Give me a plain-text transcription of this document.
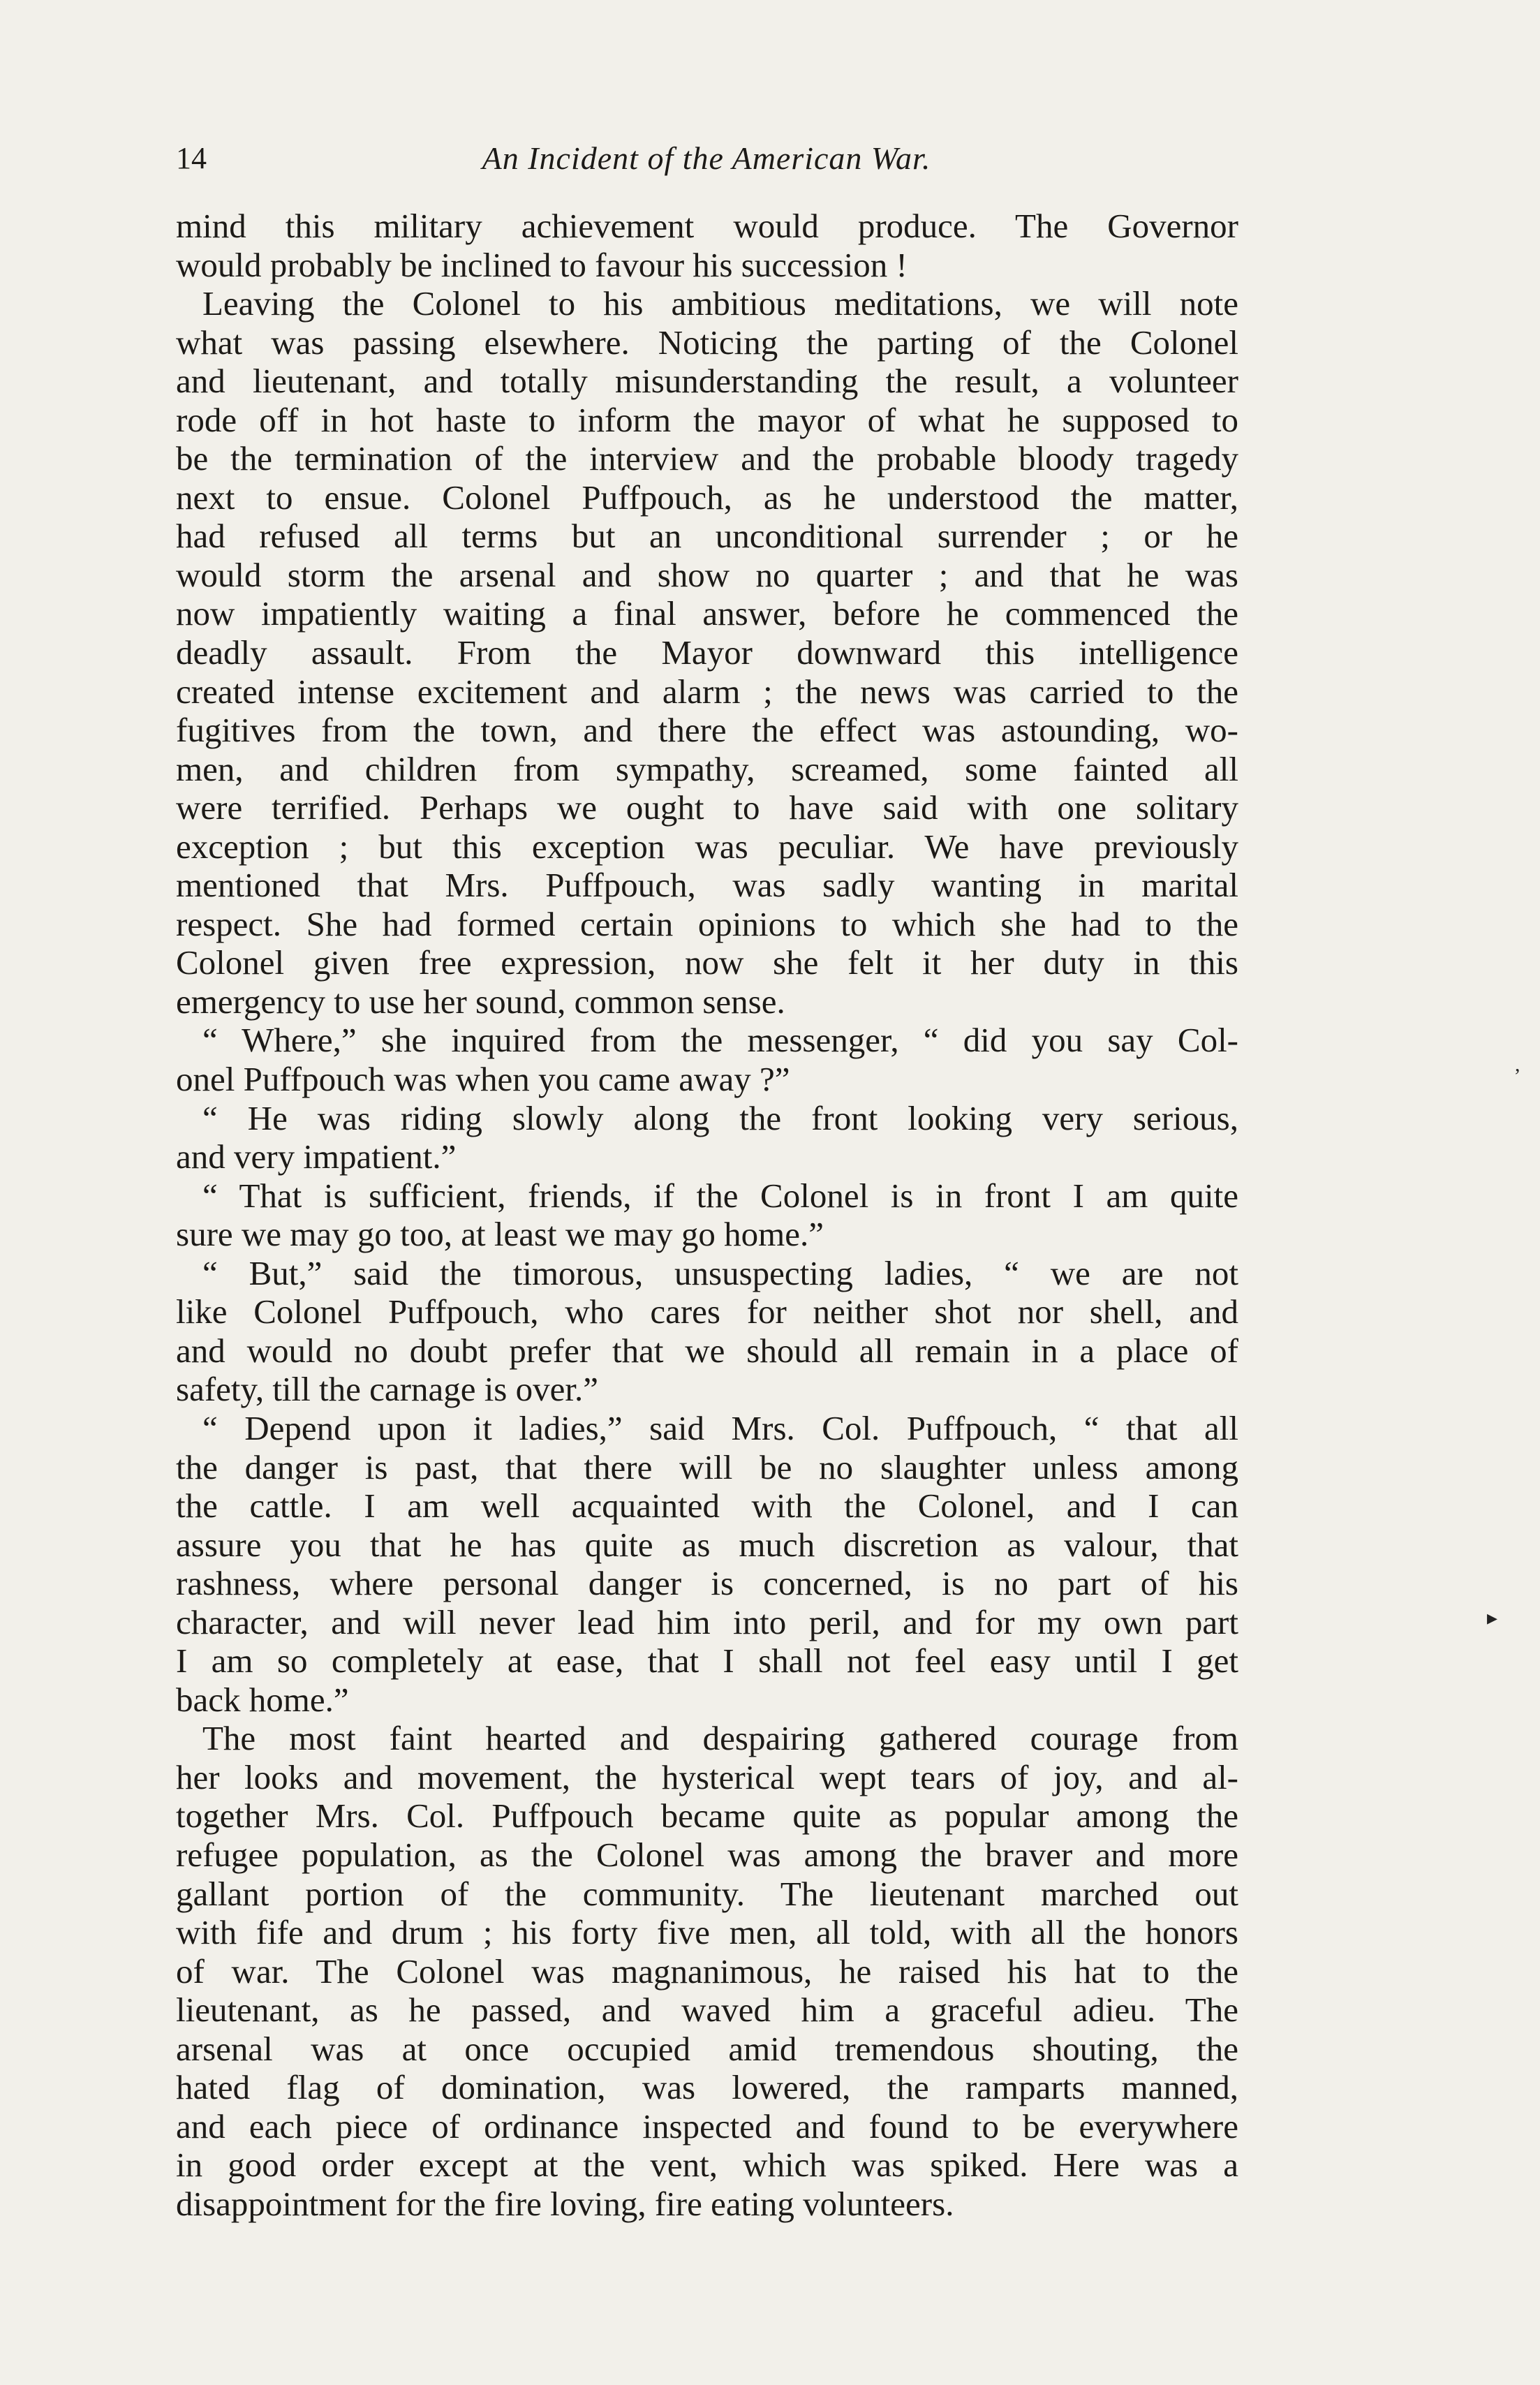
14	An Incident of the American War.
mind this military achievement would produce. The Governor
would probably be inclined to favour his succession !
Leaving the Colonel to his ambitious meditations, we will note
what was passing elsewhere. Noticing the parting of the Colonel
and lieutenant, and totally misunderstanding the result, a volunteer
rode off in hot haste to inform the mayor of what he supposed to
be the termination of the interview and the probable bloody tragedy
next to ensue. Colonel Puffpouch, as he understood the matter,
had refused all terms but an unconditional surrender ; or he
would storm the arsenal and show no quarter ; and that he was
now impatiently waiting a final answer, before he commenced the
deadly assault. From the Mayor downward this intelligence
created intense excitement and alarm ; the news was carried to the
fugitives from the town, and there the effect was astounding, wo-
men, and children from sympathy, screamed, some fainted all
were terrified. Perhaps we ought to have said with one solitary
exception ; but this exception was peculiar. We have previously
mentioned that Mrs. Puffpouch, was sadly wanting in marital
respect. She had formed certain opinions to which she had to the
Colonel given free expression, now she felt it her duty in this
emergency to use her sound, common sense.
“ Where,” she inquired from the messenger, “ did you say Col-
onel Puffpouch was when you came away ?”
“ He was riding slowly along the front looking very serious,
and very impatient.”
“ That is sufficient, friends, if the Colonel is in front I am quite
sure we may go too, at least we may go home.”
“ But,” said the timorous, unsuspecting ladies, “ we are not
like Colonel Puffpouch, who cares for neither shot nor shell, and
and would no doubt prefer that we should all remain in a place of
safety, till the carnage is over.”
“ Depend upon it ladies,” said Mrs. Col. Puffpouch, “ that all
the danger is past, that there will be no slaughter unless among
the cattle. I am well acquainted with the Colonel, and I can
assure you that he has quite as much discretion as valour, that
rashness, where personal danger is concerned, is no part of his
character, and will never lead him into peril, and for my own part
I am so completely at ease, that I shall not feel easy until I get
back home.”
The most faint hearted and despairing gathered courage from
her looks and movement, the hysterical wept tears of joy, and al-
together Mrs. Col. Puffpouch became quite as popular among the
refugee population, as the Colonel was among the braver and more
gallant portion of the community. The lieutenant marched out
with fife and drum ; his forty five men, all told, with all the honors
of war. The Colonel was magnanimous, he raised his hat to the
lieutenant, as he passed, and waved him a graceful adieu. The
arsenal was at once occupied amid tremendous shouting, the
hated flag of domination, was lowered, the ramparts manned,
and each piece of ordinance inspected and found to be everywhere
in good order except at the vent, which was spiked. Here was a
disappointment for the fire loving, fire eating volunteers.
,
▸
